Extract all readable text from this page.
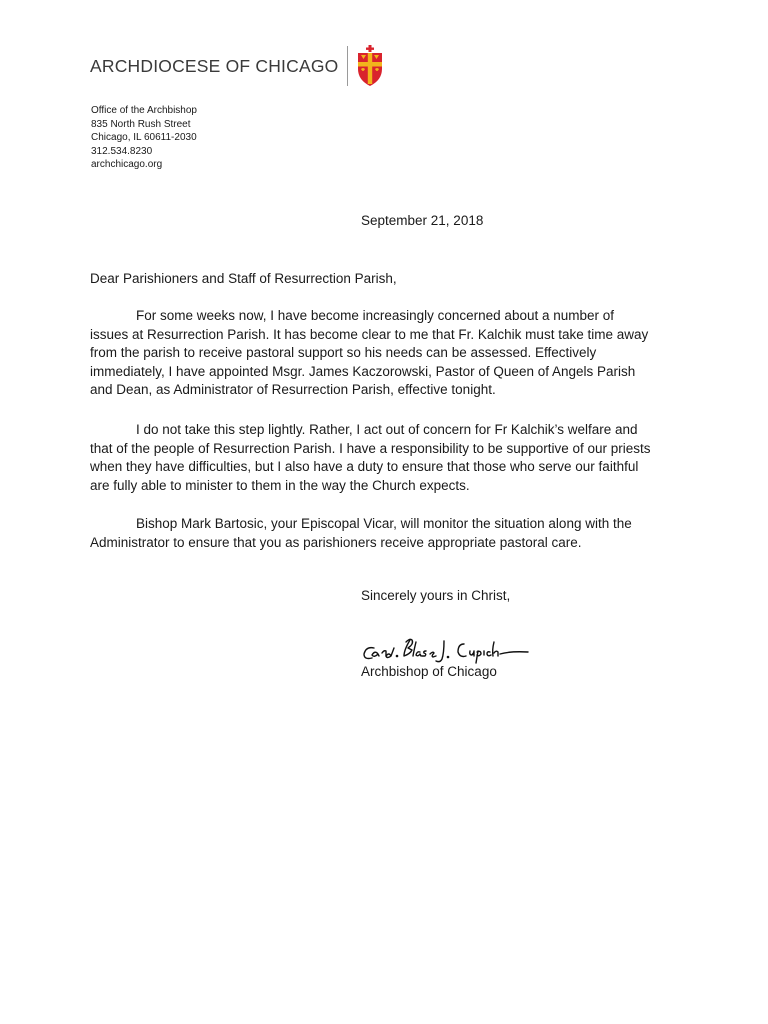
ARCHDIOCESE OF CHICAGO
Office of the Archbishop
835 North Rush Street
Chicago, IL 60611-2030
312.534.8230
archchicago.org
September 21, 2018
Dear Parishioners and Staff of Resurrection Parish,
For some weeks now, I have become increasingly concerned about a number of
issues at Resurrection Parish. It has become clear to me that Fr. Kalchik must take time away
from the parish to receive pastoral support so his needs can be assessed. Effectively
immediately, I have appointed Msgr. James Kaczorowski, Pastor of Queen of Angels Parish
and Dean, as Administrator of Resurrection Parish, effective tonight.
I do not take this step lightly. Rather, I act out of concern for Fr Kalchik’s welfare and
that of the people of Resurrection Parish. I have a responsibility to be supportive of our priests
when they have difficulties, but I also have a duty to ensure that those who serve our faithful
are fully able to minister to them in the way the Church expects.
Bishop Mark Bartosic, your Episcopal Vicar, will monitor the situation along with the
Administrator to ensure that you as parishioners receive appropriate pastoral care.
Sincerely yours in Christ,
Archbishop of Chicago
